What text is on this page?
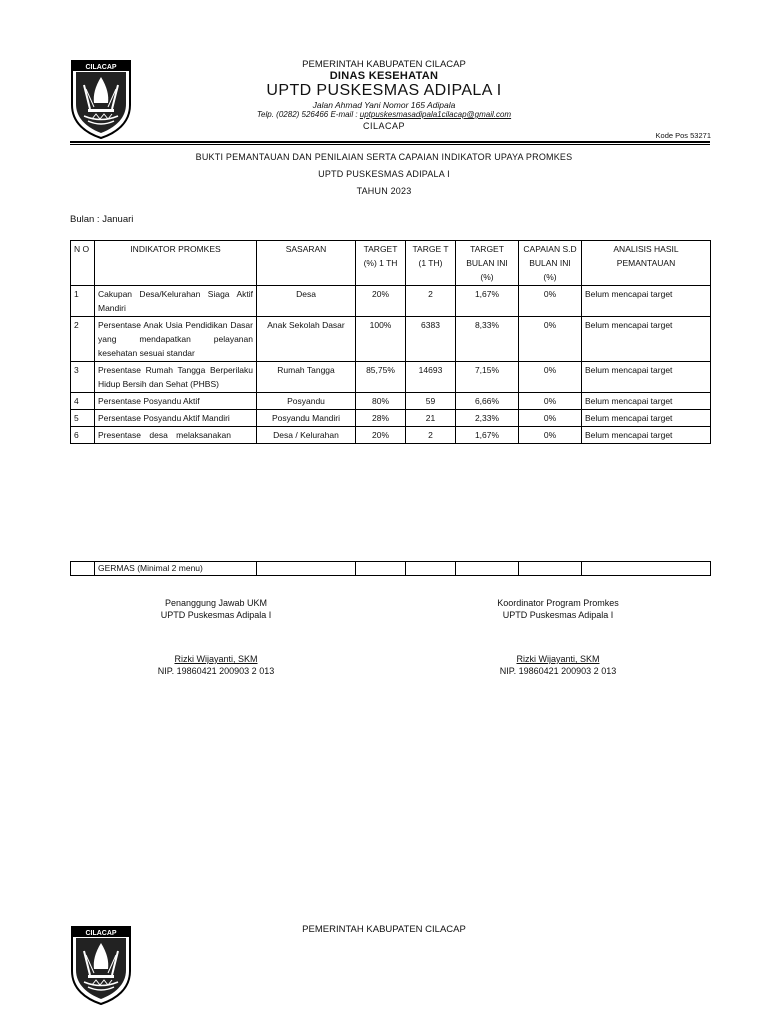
CILACAP	PEMERINTAH KABUPATEN CILACAP
DINAS KESEHATAN
UPTD PUSKESMAS ADIPALA I
Jalan Ahmad Yani Nomor 165 Adipala
Telp. (0282) 526466 E-mail : uptpuskesmasadipala1cilacap@gmail.com
CILACAP
Kode Pos 53271
BUKTI PEMANTAUAN DAN PENILAIAN SERTA CAPAIAN INDIKATOR UPAYA PROMKES
UPTD PUSKESMAS ADIPALA I
TAHUN 2023
Bulan : Januari
N O	INDIKATOR PROMKES	SASARAN	TARGET (%) 1 TH	TARGE T (1 TH)	TARGET BULAN INI (%)	CAPAIAN S.D BULAN INI (%)	ANALISIS HASIL PEMANTAUAN
1	Cakupan Desa/Kelurahan Siaga Aktif Mandiri	Desa	20%	2	1,67%	0%	Belum mencapai target
2	Persentase Anak Usia Pendidikan Dasar yang mendapatkan pelayanan kesehatan sesuai standar	Anak Sekolah Dasar	100%	6383	8,33%	0%	Belum mencapai target
3	Presentase Rumah Tangga Berperilaku Hidup Bersih dan Sehat (PHBS)	Rumah Tangga	85,75%	14693	7,15%	0%	Belum mencapai target
4	Persentase Posyandu Aktif	Posyandu	80%	59	6,66%	0%	Belum mencapai target
5	Persentase Posyandu Aktif Mandiri	Posyandu Mandiri	28%	21	2,33%	0%	Belum mencapai target
6	Presentase desa melaksanakan	Desa / Kelurahan	20%	2	1,67%	0%	Belum mencapai target
	GERMAS (Minimal 2 menu)						
Penanggung Jawab UKM
UPTD Puskesmas Adipala I
Rizki Wijayanti, SKM
NIP. 19860421 200903 2 013
Koordinator Program Promkes
UPTD Puskesmas Adipala I
Rizki Wijayanti, SKM
NIP. 19860421 200903 2 013
CILACAP	PEMERINTAH KABUPATEN CILACAP
